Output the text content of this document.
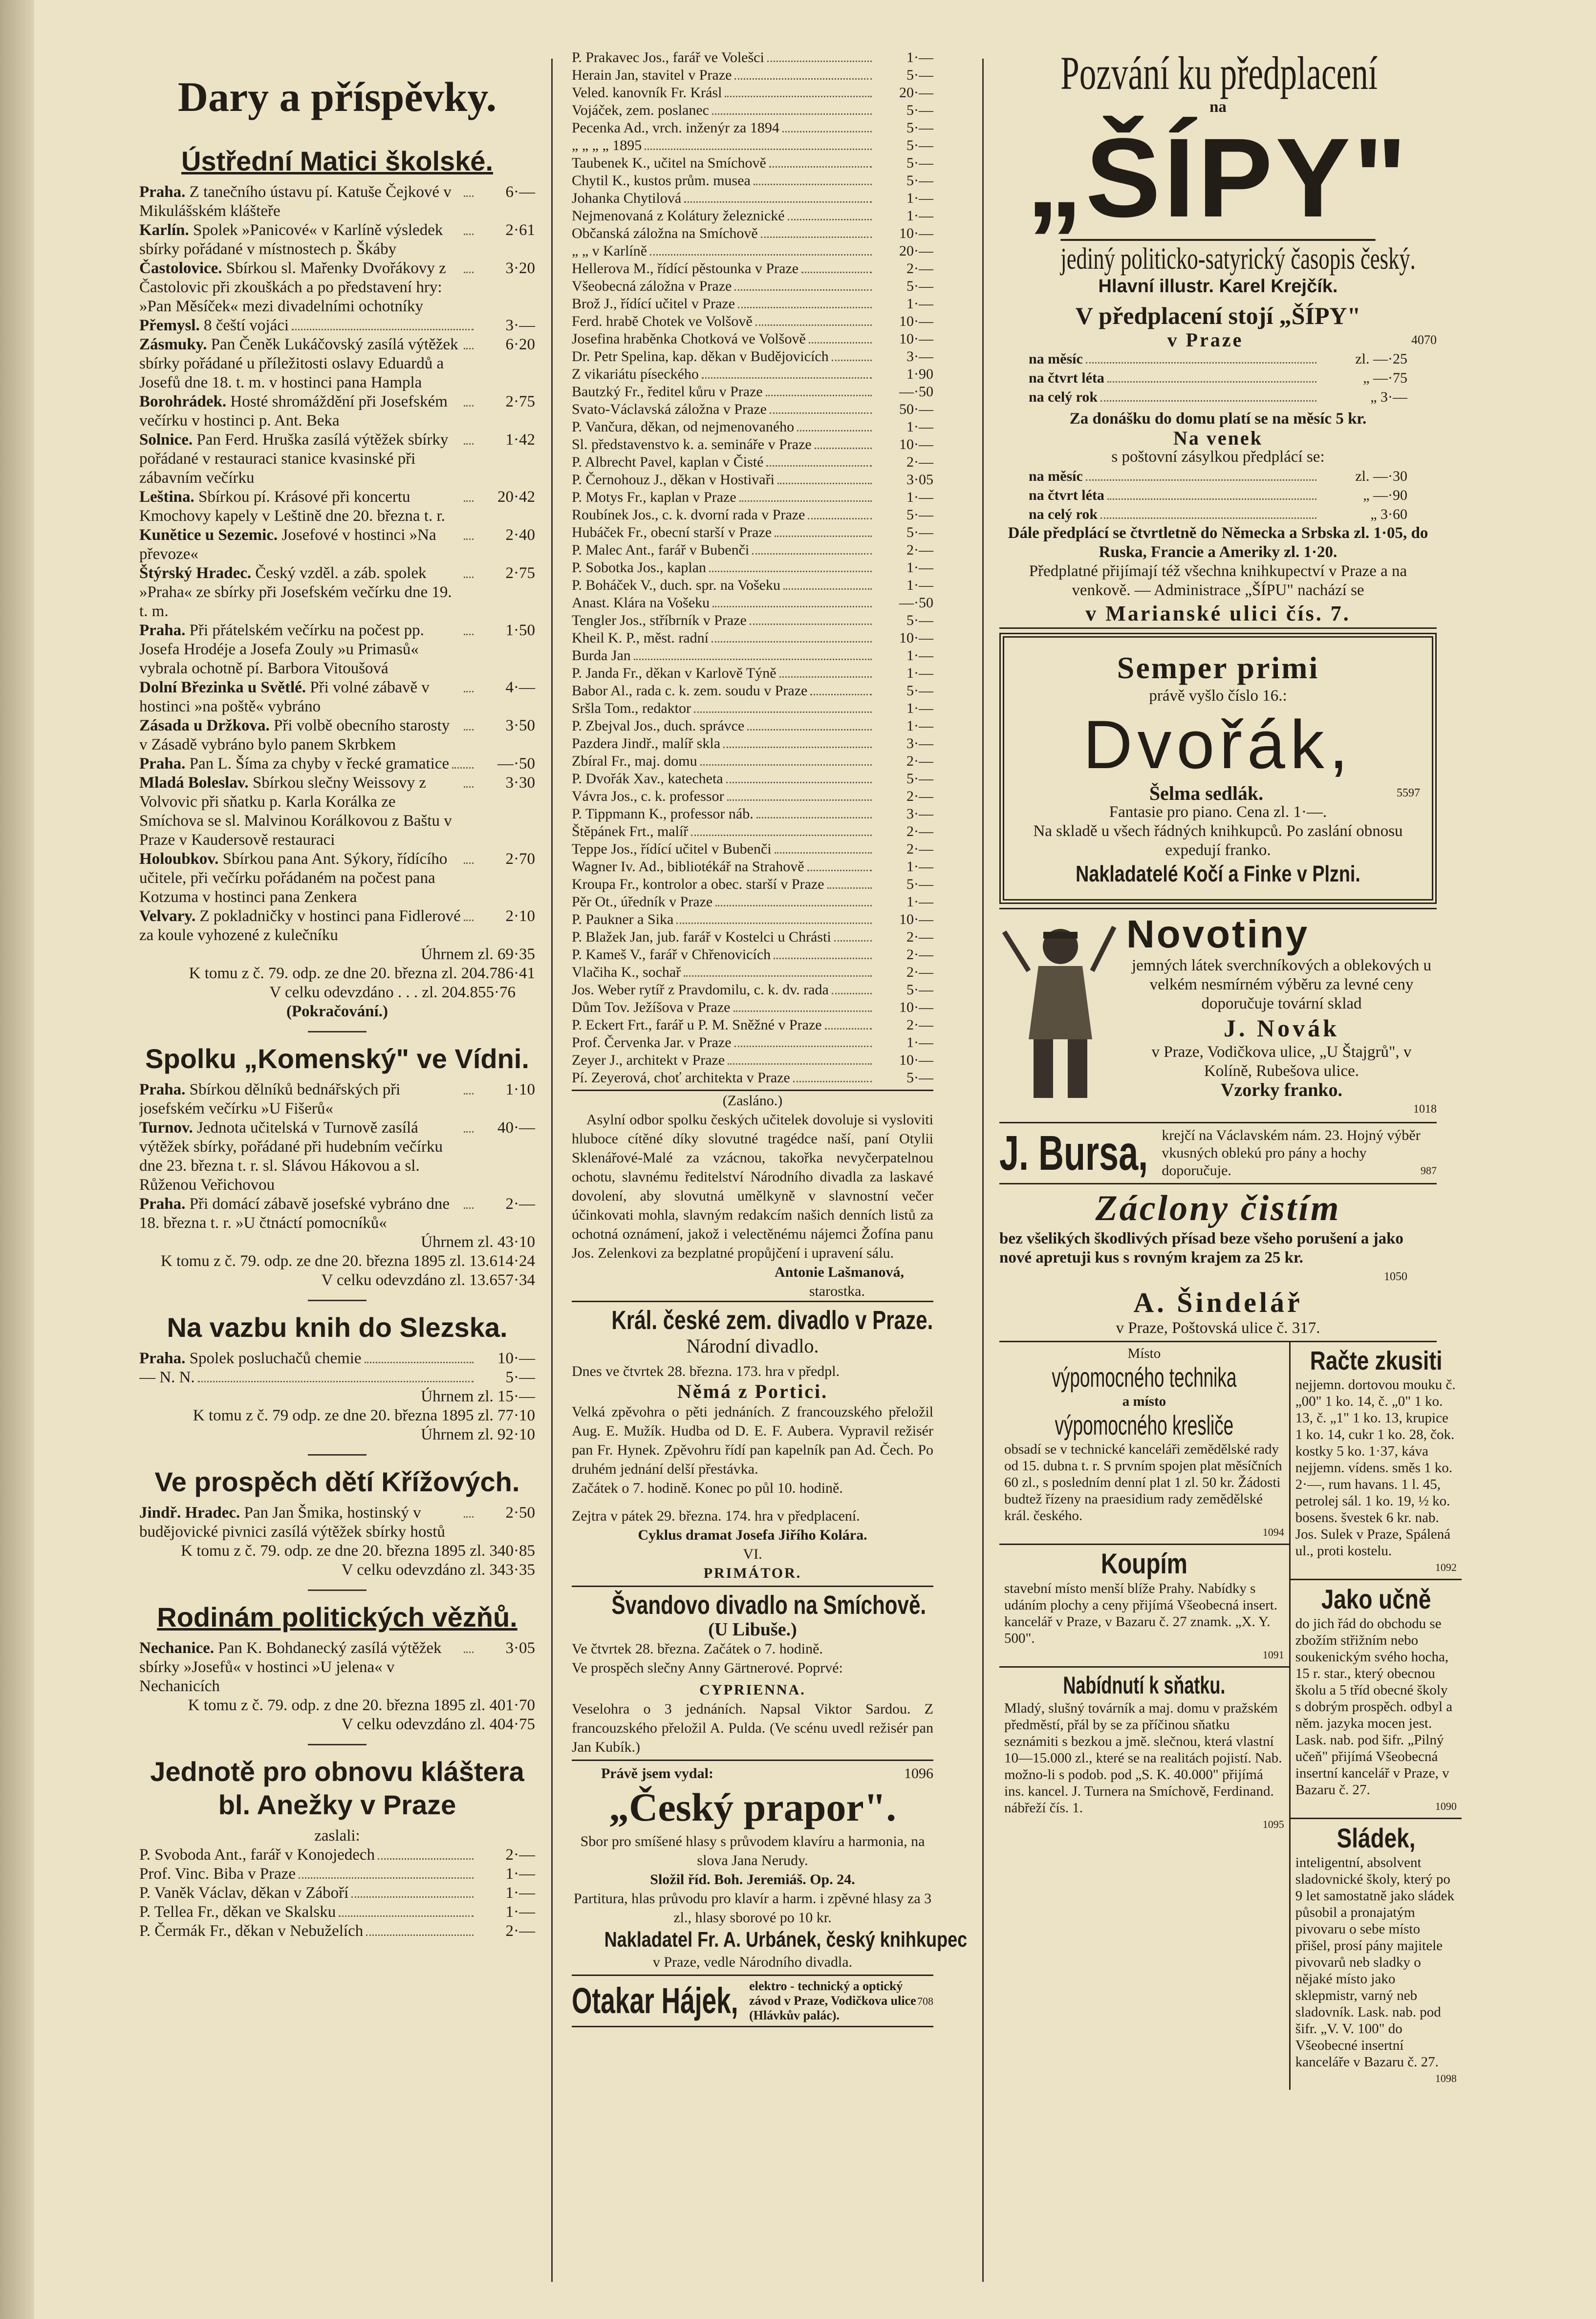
Dary a příspěvky.
Ústřední Matici školské.
Praha. Z tanečního ústavu pí. Katuše Čejkové v Mikulášském klášteře
6·—
Karlín. Spolek »Panicové« v Karlíně výsledek sbírky pořádané v místnostech p. Škáby
2·61
Častolovice. Sbírkou sl. Mařenky Dvořákovy z Častolovic při zkouškách a po představení hry: »Pan Měsíček« mezi divadelními ochotníky
3·20
Přemysl. 8 čeští vojáci	3·—
Zásmuky. Pan Čeněk Lukáčovský zasílá výtěžek sbírky pořádané u příležitosti oslavy Eduardů a Josefů dne 18. t. m. v hostinci pana Hampla
6·20
Borohrádek. Hosté shromáždění při Josefském večírku v hostinci p. Ant. Beka
2·75
Solnice. Pan Ferd. Hruška zasílá výtěžek sbírky pořádané v restauraci stanice kvasinské při zábavním večírku
1·42
Leština. Sbírkou pí. Krásové při koncertu Kmochovy kapely v Leštině dne 20. března t. r.
20·42
Kunětice u Sezemic. Josefové v hostinci »Na převoze«
2·40
Štýrský Hradec. Český vzděl. a záb. spolek »Praha« ze sbírky při Josefském večírku dne 19. t. m.
2·75
Praha. Při přátelském večírku na počest pp. Josefa Hrodéje a Josefa Zouly »u Primasů« vybrala ochotně pí. Barbora Vitoušová
1·50
Dolní Březinka u Světlé. Při volné zábavě v hostinci »na poště« vybráno
4·—
Zásada u Držkova. Při volbě obecního starosty v Zásadě vybráno bylo panem Skrbkem
3·50
Praha. Pan L. Šíma za chyby v řecké gramatice	—·50
Mladá Boleslav. Sbírkou slečny Weissovy z Volvovic při sňatku p. Karla Korálka ze Smíchova se sl. Malvinou Korálkovou z Baštu v Praze v Kaudersově restauraci
3·30
Holoubkov. Sbírkou pana Ant. Sýkory, řídícího učitele, při večírku pořádaném na počest pana Kotzuma v hostinci pana Zenkera
2·70
Velvary. Z pokladničky v hostinci pana Fidlerové za koule vyhozené z kulečníku
2·10
Úhrnem zl. 69·35
K tomu z č. 79. odp. ze dne 20. března zl. 204.786·41
V celku odevzdáno . . . zl. 204.855·76
(Pokračování.)
Spolku „Komenský" ve Vídni.
Praha. Sbírkou dělníků bednářských při josefském večírku »U Fišerů«
1·10
Turnov. Jednota učitelská v Turnově zasílá výtěžek sbírky, pořádané při hudebním večírku dne 23. března t. r. sl. Slávou Hákovou a sl. Růženou Veřichovou
40·—
Praha. Při domácí zábavě josefské vybráno dne 18. března t. r. »U čtnáctí pomocníků«
2·—
Úhrnem zl. 43·10
K tomu z č. 79. odp. ze dne 20. března 1895 zl. 13.614·24
V celku odevzdáno zl. 13.657·34
Na vazbu knih do Slezska.
Praha. Spolek posluchačů chemie	10·—
— N. N.	5·—
Úhrnem zl. 15·—
K tomu z č. 79 odp. ze dne 20. března 1895 zl. 77·10
Úhrnem zl. 92·10
Ve prospěch dětí Křížových.
Jindř. Hradec. Pan Jan Šmika, hostinský v budějovické pivnici zasílá výtěžek sbírky hostů
2·50
K tomu z č. 79. odp. ze dne 20. března 1895 zl. 340·85
V celku odevzdáno zl. 343·35
Rodinám politických vězňů.
Nechanice. Pan K. Bohdanecký zasílá výtěžek sbírky »Josefů« v hostinci »U jelena« v Nechanicích
3·05
K tomu z č. 79. odp. z dne 20. března 1895 zl. 401·70
V celku odevzdáno zl. 404·75
Jednotě pro obnovu kláštera bl. Anežky v Praze
zaslali:
P. Svoboda Ant., farář v Konojedech	2·—
Prof. Vinc. Biba v Praze	1·—
P. Vaněk Václav, děkan v Záboří	1·—
P. Tellea Fr., děkan ve Skalsku	1·—
P. Čermák Fr., děkan v Nebuželích	2·—
P. Prakavec Jos., farář ve Volešci	1·—
Herain Jan, stavitel v Praze	5·—
Veled. kanovník Fr. Krásl	20·—
Vojáček, zem. poslanec	5·—
Pecenka Ad., vrch. inženýr za 1894	5·—
„ „ „ „ 1895	5·—
Taubenek K., učitel na Smíchově	5·—
Chytil K., kustos prům. musea	5·—
Johanka Chytilová	1·—
Nejmenovaná z Kolátury železnické	1·—
Občanská záložna na Smíchově	10·—
„ „ v Karlíně	20·—
Hellerova M., řídící pěstounka v Praze	2·—
Všeobecná záložna v Praze	5·—
Brož J., řídící učitel v Praze	1·—
Ferd. hrabě Chotek ve Volšově	10·—
Josefina hraběnka Chotková ve Volšově	10·—
Dr. Petr Spelina, kap. děkan v Budějovicích	3·—
Z vikariátu píseckého	1·90
Bautzký Fr., ředitel kůru v Praze	—·50
Svato-Václavská záložna v Praze	50·—
P. Vančura, děkan, od nejmenovaného	1·—
Sl. představenstvo k. a. semináře v Praze	10·—
P. Albrecht Pavel, kaplan v Čisté	2·—
P. Černohouz J., děkan v Hostivaři	3·05
P. Motys Fr., kaplan v Praze	1·—
Roubínek Jos., c. k. dvorní rada v Praze	5·—
Hubáček Fr., obecní starší v Praze	5·—
P. Malec Ant., farář v Bubenči	2·—
P. Sobotka Jos., kaplan	1·—
P. Boháček V., duch. spr. na Vošeku	1·—
Anast. Klára na Vošeku	—·50
Tengler Jos., stříbrník v Praze	5·—
Kheil K. P., měst. radní	10·—
Burda Jan	1·—
P. Janda Fr., děkan v Karlově Týně	1·—
Babor Al., rada c. k. zem. soudu v Praze	5·—
Sršla Tom., redaktor	1·—
P. Zbejval Jos., duch. správce	1·—
Pazdera Jindř., malíř skla	3·—
Zbíral Fr., maj. domu	2·—
P. Dvořák Xav., katecheta	5·—
Vávra Jos., c. k. professor	2·—
P. Tippmann K., professor náb.	3·—
Štěpánek Frt., malíř	2·—
Teppe Jos., řídící učitel v Bubenči	2·—
Wagner Iv. Ad., bibliotékář na Strahově	1·—
Kroupa Fr., kontrolor a obec. starší v Praze	5·—
Pěr Ot., úředník v Praze	1·—
P. Paukner a Sika	10·—
P. Blažek Jan, jub. farář v Kostelci u Chrásti	2·—
P. Kameš V., farář v Chřenovicích	2·—
Vlačiha K., sochař	2·—
Jos. Weber rytíř z Pravdomilu, c. k. dv. rada	5·—
Dům Tov. Ježíšova v Praze	10·—
P. Eckert Frt., farář u P. M. Sněžné v Praze	2·—
Prof. Červenka Jar. v Praze	1·—
Zeyer J., architekt v Praze	10·—
Pí. Zeyerová, choť architekta v Praze	5·—
(Zasláno.)

Asylní odbor spolku českých učitelek dovoluje si vysloviti hluboce cítěné díky slovutné tragédce naší, paní Otylii Sklenářové-Malé za vzácnou, takořka nevyčerpatelnou ochotu, slavnému ředitelství Národního divadla za laskavé dovolení, aby slovutná umělkyně v slavnostní večer účinkovati mohla, slavným redakcím našich denních listů za ochotná oznámení, jakož i velectěnému nájemci Žofína panu Jos. Zelenkovi za bezplatné propůjčení i upravení sálu.

Antonie Lašmanová,
starostka.
Král. české zem. divadlo v Praze.
Národní divadlo.
Dnes ve čtvrtek 28. března. 173. hra v předpl.
Němá z Portici.

Velká zpěvohra o pěti jednáních. Z francouzského přeložil Aug. E. Mužík. Hudba od D. E. F. Aubera. Vypravil režisér pan Fr. Hynek. Zpěvohru řídí pan kapelník pan Ad. Čech. Po druhém jednání delší přestávka.

Začátek o 7. hodině. Konec po půl 10. hodině.
Zejtra v pátek 29. března. 174. hra v předplacení.
Cyklus dramat Josefa Jiřího Kolára.
VI.
PRIMÁTOR.
Švandovo divadlo na Smíchově.
(U Libuše.)
Ve čtvrtek 28. března. Začátek o 7. hodině.
Ve prospěch slečny Anny Gärtnerové. Poprvé:
CYPRIENNA.

Veselohra o 3 jednáních. Napsal Viktor Sardou. Z francouzského přeložil A. Pulda. (Ve scénu uvedl režisér pan Jan Kubík.)

Právě jsem vydal:	1096
„Český prapor".

Sbor pro smíšené hlasy s průvodem klavíru a harmonia, na slova Jana Nerudy.

Složil říd. Boh. Jeremiáš. Op. 24.

Partitura, hlas průvodu pro klavír a harm. i zpěvné hlasy za 3 zl., hlasy sborové po 10 kr.

Nakladatel Fr. A. Urbánek, český knihkupec
v Praze, vedle Národního divadla.
Otakar Hájek, elektro - technický a optický závod v Praze, Vodičkova ulice (Hlávkův palác).
708
Pozvání ku předplacení
na
„ŠÍPY"
jediný politicko-satyrický časopis český.
Hlavní illustr. Karel Krejčík.
V předplacení stojí „ŠÍPY"
v Praze	4070
na měsíc	zl. —·25
na čtvrt léta	„ —·75
na celý rok	„ 3·—
Za donášku do domu platí se na měsíc 5 kr.
Na venek
s poštovní zásylkou předplácí se:
na měsíc	zl. —·30
na čtvrt léta	„ —·90
na celý rok	„ 3·60

Dále předplácí se čtvrtletně do Německa a Srbska zl. 1·05, do Ruska, Francie a Ameriky zl. 1·20.

Předplatné přijímají též všechna knihkupectví v Praze a na venkově. — Administrace „ŠÍPU" nachází se

v Marianské ulici čís. 7.
Semper primi
právě vyšlo číslo 16.:
Dvořák,
Šelma sedlák.	5597
Fantasie pro piano. Cena zl. 1·—.

Na skladě u všech řádných knihkupců. Po zaslání obnosu expedují franko.

Nakladatelé Kočí a Finke v Plzni.
Novotiny

jemných látek sverchníkových a oblekových u velkém nesmírném výběru za levné ceny doporučuje tovární sklad

J. Novák

v Praze, Vodičkova ulice, „U Štajgrů", v Kolíně, Rubešova ulice.

Vzorky franko.
1018
J. Bursa, krejčí na Václavském nám. 23. Hojný výběr vkusných oblekú pro pány a hochy doporučuje.	987
Záclony čistím

bez všelikých škodlivých přísad beze všeho porušení a jako nové apretuji kus s rovným krajem za 25 kr.

1050
A. Šindelář
v Praze, Poštovská ulice č. 317.
Místo
výpomocného technika
a místo
výpomocného kresliče

obsadí se v technické kanceláři zemědělské rady od 15. dubna t. r. S prvním spojen plat měsíčních 60 zl., s posledním denní plat 1 zl. 50 kr. Žádosti budtež řízeny na praesidium rady zemědělské král. českého.

1094
Koupím

stavební místo menší blíže Prahy. Nabídky s udáním plochy a ceny přijímá Všeobecná insert. kancelář v Praze, v Bazaru č. 27 znamk. „X. Y. 500".

1091
Nabídnutí k sňatku.

Mladý, slušný továrník a maj. domu v pražském předměstí, přál by se za příčinou sňatku seznámiti s bezkou a jmě. slečnou, která vlastní 10—15.000 zl., které se na realitách pojistí. Nab. možno-li s podob. pod „S. K. 40.000" přijímá ins. kancel. J. Turnera na Smíchově, Ferdinand. nábřeží čís. 1.

1095
Račte zkusiti

nejjemn. dortovou mouku č. „00" 1 ko. 14, č. „0" 1 ko. 13, č. „1" 1 ko. 13, krupice 1 ko. 14, cukr 1 ko. 28, čok. kostky 5 ko. 1·37, káva nejjemn. vídens. směs 1 ko. 2·—, rum havans. 1 l. 45, petrolej sál. 1 ko. 19, ½ ko. bosens. švestek 6 kr. nab. Jos. Sulek v Praze, Spálená ul., proti kostelu.

1092
Jako učně

do jich řád do obchodu se zbožím střižním nebo soukenickým svého hocha, 15 r. star., který obecnou školu a 5 tříd obecné školy s dobrým prospěch. odbyl a něm. jazyka mocen jest. Lask. nab. pod šifr. „Pilný učeň" přijímá Všeobecná insertní kancelář v Praze, v Bazaru č. 27.

1090
Sládek,

inteligentní, absolvent sladovnické školy, který po 9 let samostatně jako sládek působil a pronajatým pivovaru o sebe místo přišel, prosí pány majitele pivovarů neb sladky o nějaké místo jako sklepmistr, varný neb sladovník. Lask. nab. pod šifr. „V. V. 100" do Všeobecné insertní kanceláře v Bazaru č. 27.

1098
